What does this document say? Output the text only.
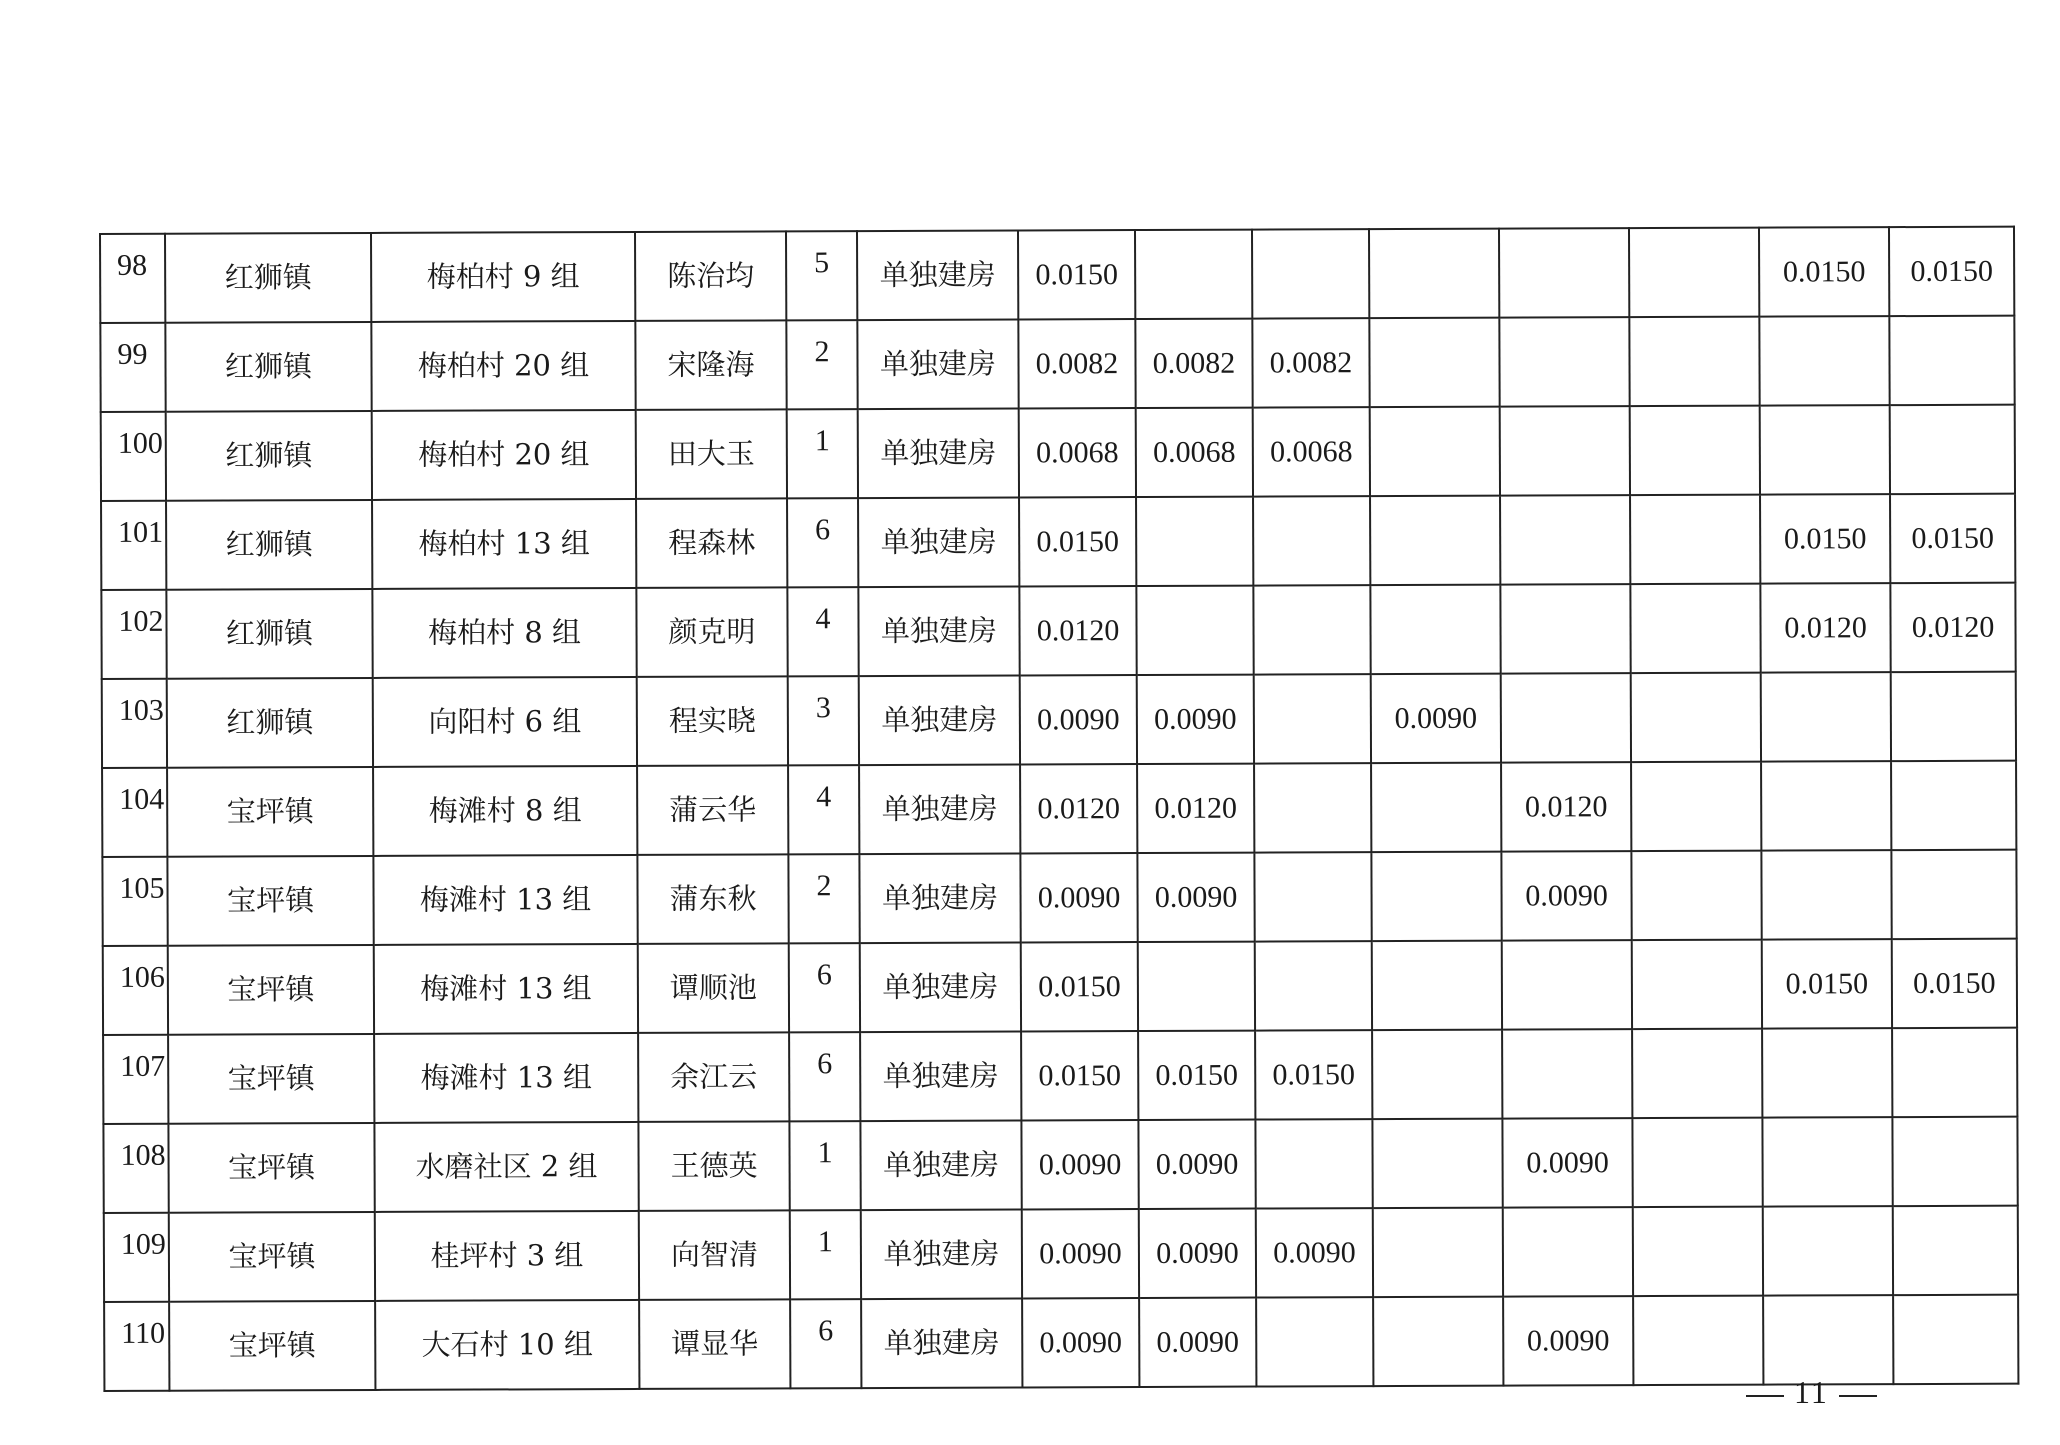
98	红狮镇	梅柏村 9 组	陈治均	5	单独建房	0.0150						0.0150	0.0150
99	红狮镇	梅柏村 20 组	宋隆海	2	单独建房	0.0082	0.0082	0.0082					
100	红狮镇	梅柏村 20 组	田大玉	1	单独建房	0.0068	0.0068	0.0068					
101	红狮镇	梅柏村 13 组	程森林	6	单独建房	0.0150						0.0150	0.0150
102	红狮镇	梅柏村 8 组	颜克明	4	单独建房	0.0120						0.0120	0.0120
103	红狮镇	向阳村 6 组	程实晓	3	单独建房	0.0090	0.0090		0.0090				
104	宝坪镇	梅滩村 8 组	蒲云华	4	单独建房	0.0120	0.0120			0.0120			
105	宝坪镇	梅滩村 13 组	蒲东秋	2	单独建房	0.0090	0.0090			0.0090			
106	宝坪镇	梅滩村 13 组	谭顺池	6	单独建房	0.0150						0.0150	0.0150
107	宝坪镇	梅滩村 13 组	余江云	6	单独建房	0.0150	0.0150	0.0150					
108	宝坪镇	水磨社区 2 组	王德英	1	单独建房	0.0090	0.0090			0.0090			
109	宝坪镇	桂坪村 3 组	向智清	1	单独建房	0.0090	0.0090	0.0090					
110	宝坪镇	大石村 10 组	谭显华	6	单独建房	0.0090	0.0090			0.0090			
11
